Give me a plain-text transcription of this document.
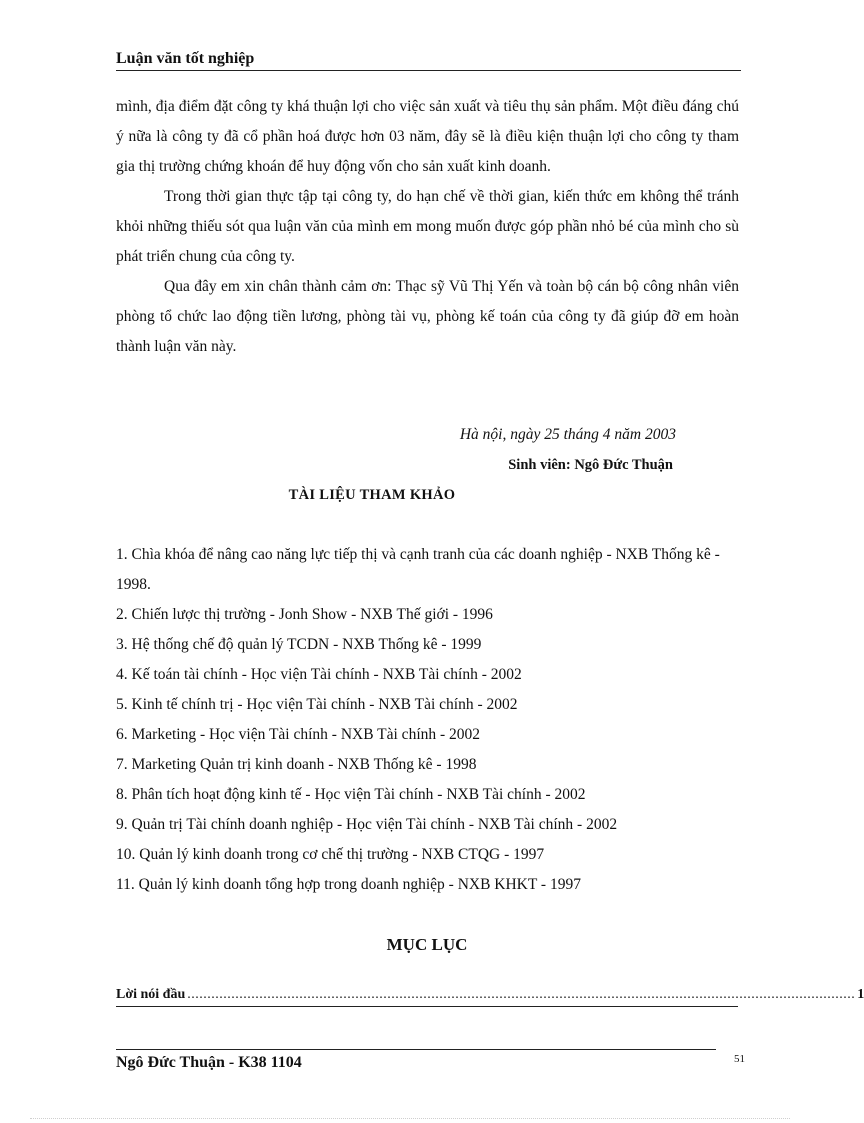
Luận văn tốt nghiệp

mình, địa điểm đặt công ty khá thuận lợi cho việc sản xuất và tiêu thụ sản phẩm. Một điều đáng chú ý nữa là công ty đã cổ phần hoá được hơn 03 năm, đây sẽ là điều kiện thuận lợi cho công ty tham gia thị trường chứng khoán để huy động vốn cho sản xuất kinh doanh.

Trong thời gian thực tập tại công ty, do hạn chế về thời gian, kiến thức em không thể tránh khỏi những thiếu sót qua luận văn của mình em mong muốn được góp phần nhỏ bé của mình cho sù phát triển chung của công ty.

Qua đây em xin chân thành cảm ơn: Thạc sỹ Vũ Thị Yến và toàn bộ cán bộ công nhân viên phòng tổ chức lao động tiền lương, phòng tài vụ, phòng kế toán của công ty đã giúp đỡ em hoàn thành luận văn này.

Hà nội, ngày 25 tháng 4 năm 2003
Sinh viên: Ngô Đức Thuận
TÀI LIỆU THAM KHẢO
1. Chìa khóa để nâng cao năng lực tiếp thị và cạnh tranh của các doanh nghiệp - NXB Thống kê - 1998.
2. Chiến lược thị trường - Jonh Show - NXB Thế giới - 1996
3. Hệ thống chế độ quản lý TCDN - NXB Thống kê - 1999
4. Kế toán tài chính - Học viện Tài chính - NXB Tài chính - 2002
5. Kinh tế chính trị - Học viện Tài chính - NXB Tài chính - 2002
6. Marketing - Học viện Tài chính - NXB Tài chính - 2002
7. Marketing Quản trị kinh doanh - NXB Thống kê - 1998
8. Phân tích hoạt động kinh tế - Học viện Tài chính - NXB Tài chính - 2002
9. Quản trị Tài chính doanh nghiệp - Học viện Tài chính - NXB Tài chính - 2002
10. Quản lý kinh doanh trong cơ chế thị trường - NXB CTQG - 1997
11. Quản lý kinh doanh tổng hợp trong doanh nghiệp - NXB KHKT - 1997
MỤC LỤC
Lời nói đầu ....................................................................................................................................................................... 1
Ngô Đức Thuận - K38 1104	51
